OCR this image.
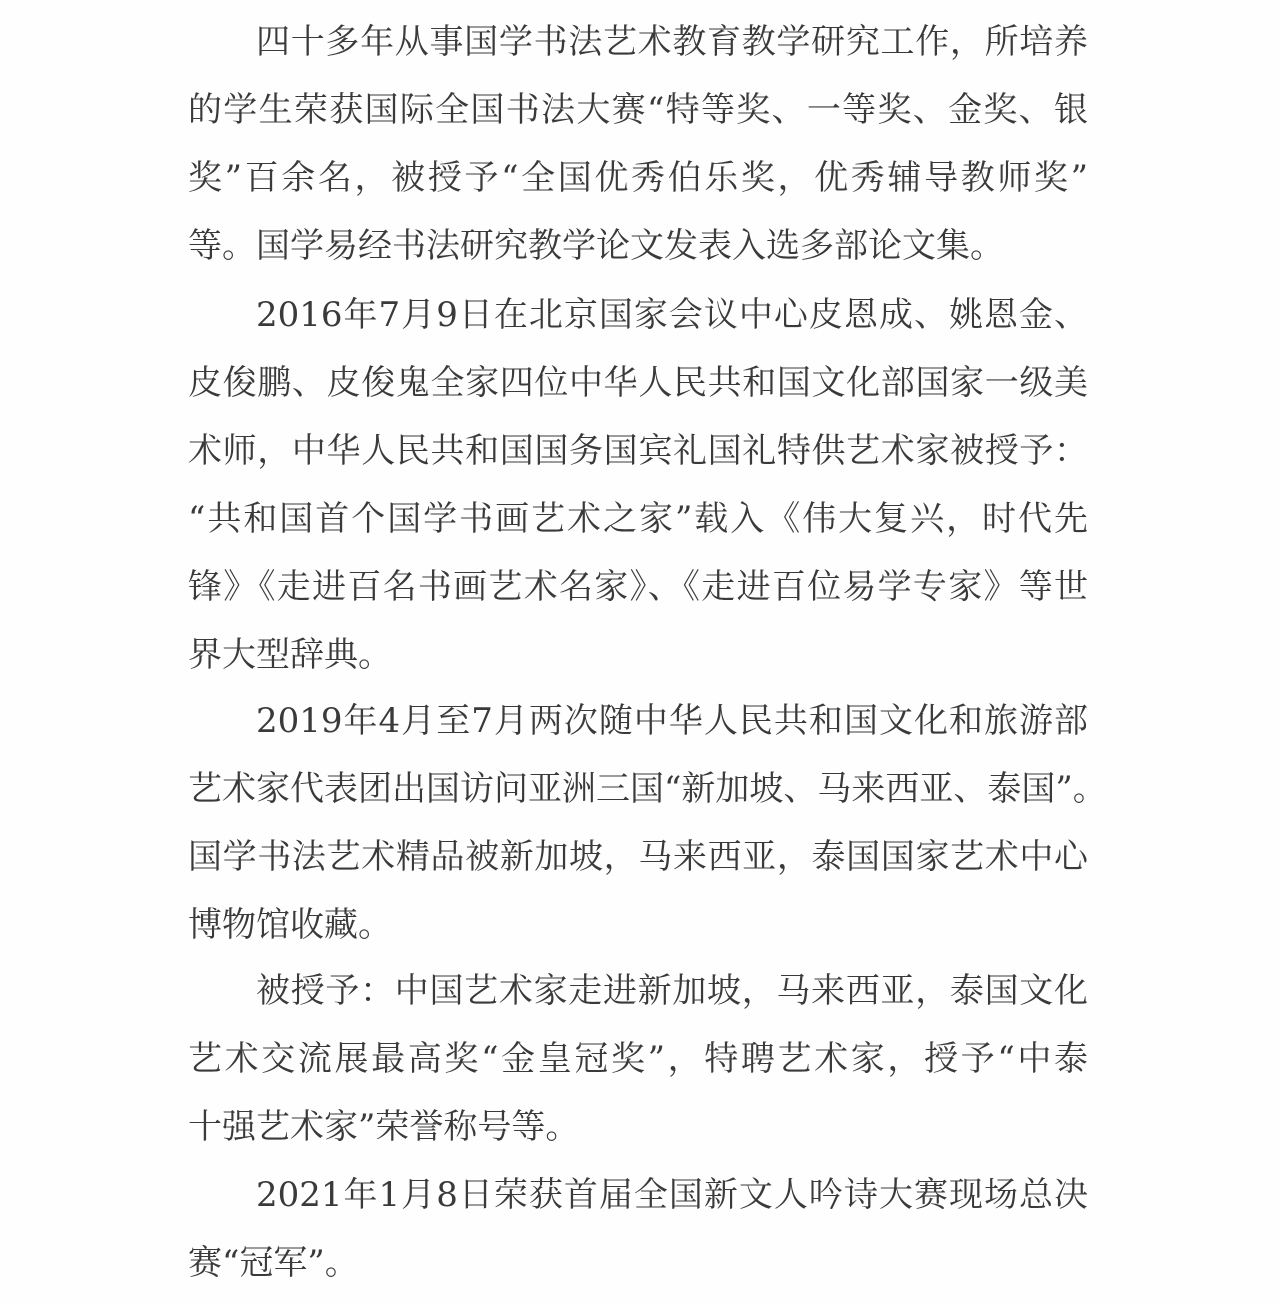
四十多年从事国学书法艺术教育教学研究工作，所培养
的学生荣获国际全国书法大赛“特等奖、一等奖、金奖、银
奖”百余名，被授予“全国优秀伯乐奖，优秀辅导教师奖”
等。国学易经书法研究教学论文发表入选多部论文集。
2016年7月9日在北京国家会议中心皮恩成、姚恩金、
皮俊鹏、皮俊鬼全家四位中华人民共和国文化部国家一级美
术师，中华人民共和国国务国宾礼国礼特供艺术家被授予：
“共和国首个国学书画艺术之家”载入《伟大复兴，时代先
锋》《走进百名书画艺术名家》、《走进百位易学专家》等世
界大型辞典。
2019年4月至7月两次随中华人民共和国文化和旅游部
艺术家代表团出国访问亚洲三国“新加坡、马来西亚、泰国”。
国学书法艺术精品被新加坡，马来西亚，泰国国家艺术中心
博物馆收藏。
被授予：中国艺术家走进新加坡，马来西亚，泰国文化
艺术交流展最高奖“金皇冠奖”，特聘艺术家，授予“中泰
十强艺术家”荣誉称号等。
2021年1月8日荣获首届全国新文人吟诗大赛现场总决
赛“冠军”。
